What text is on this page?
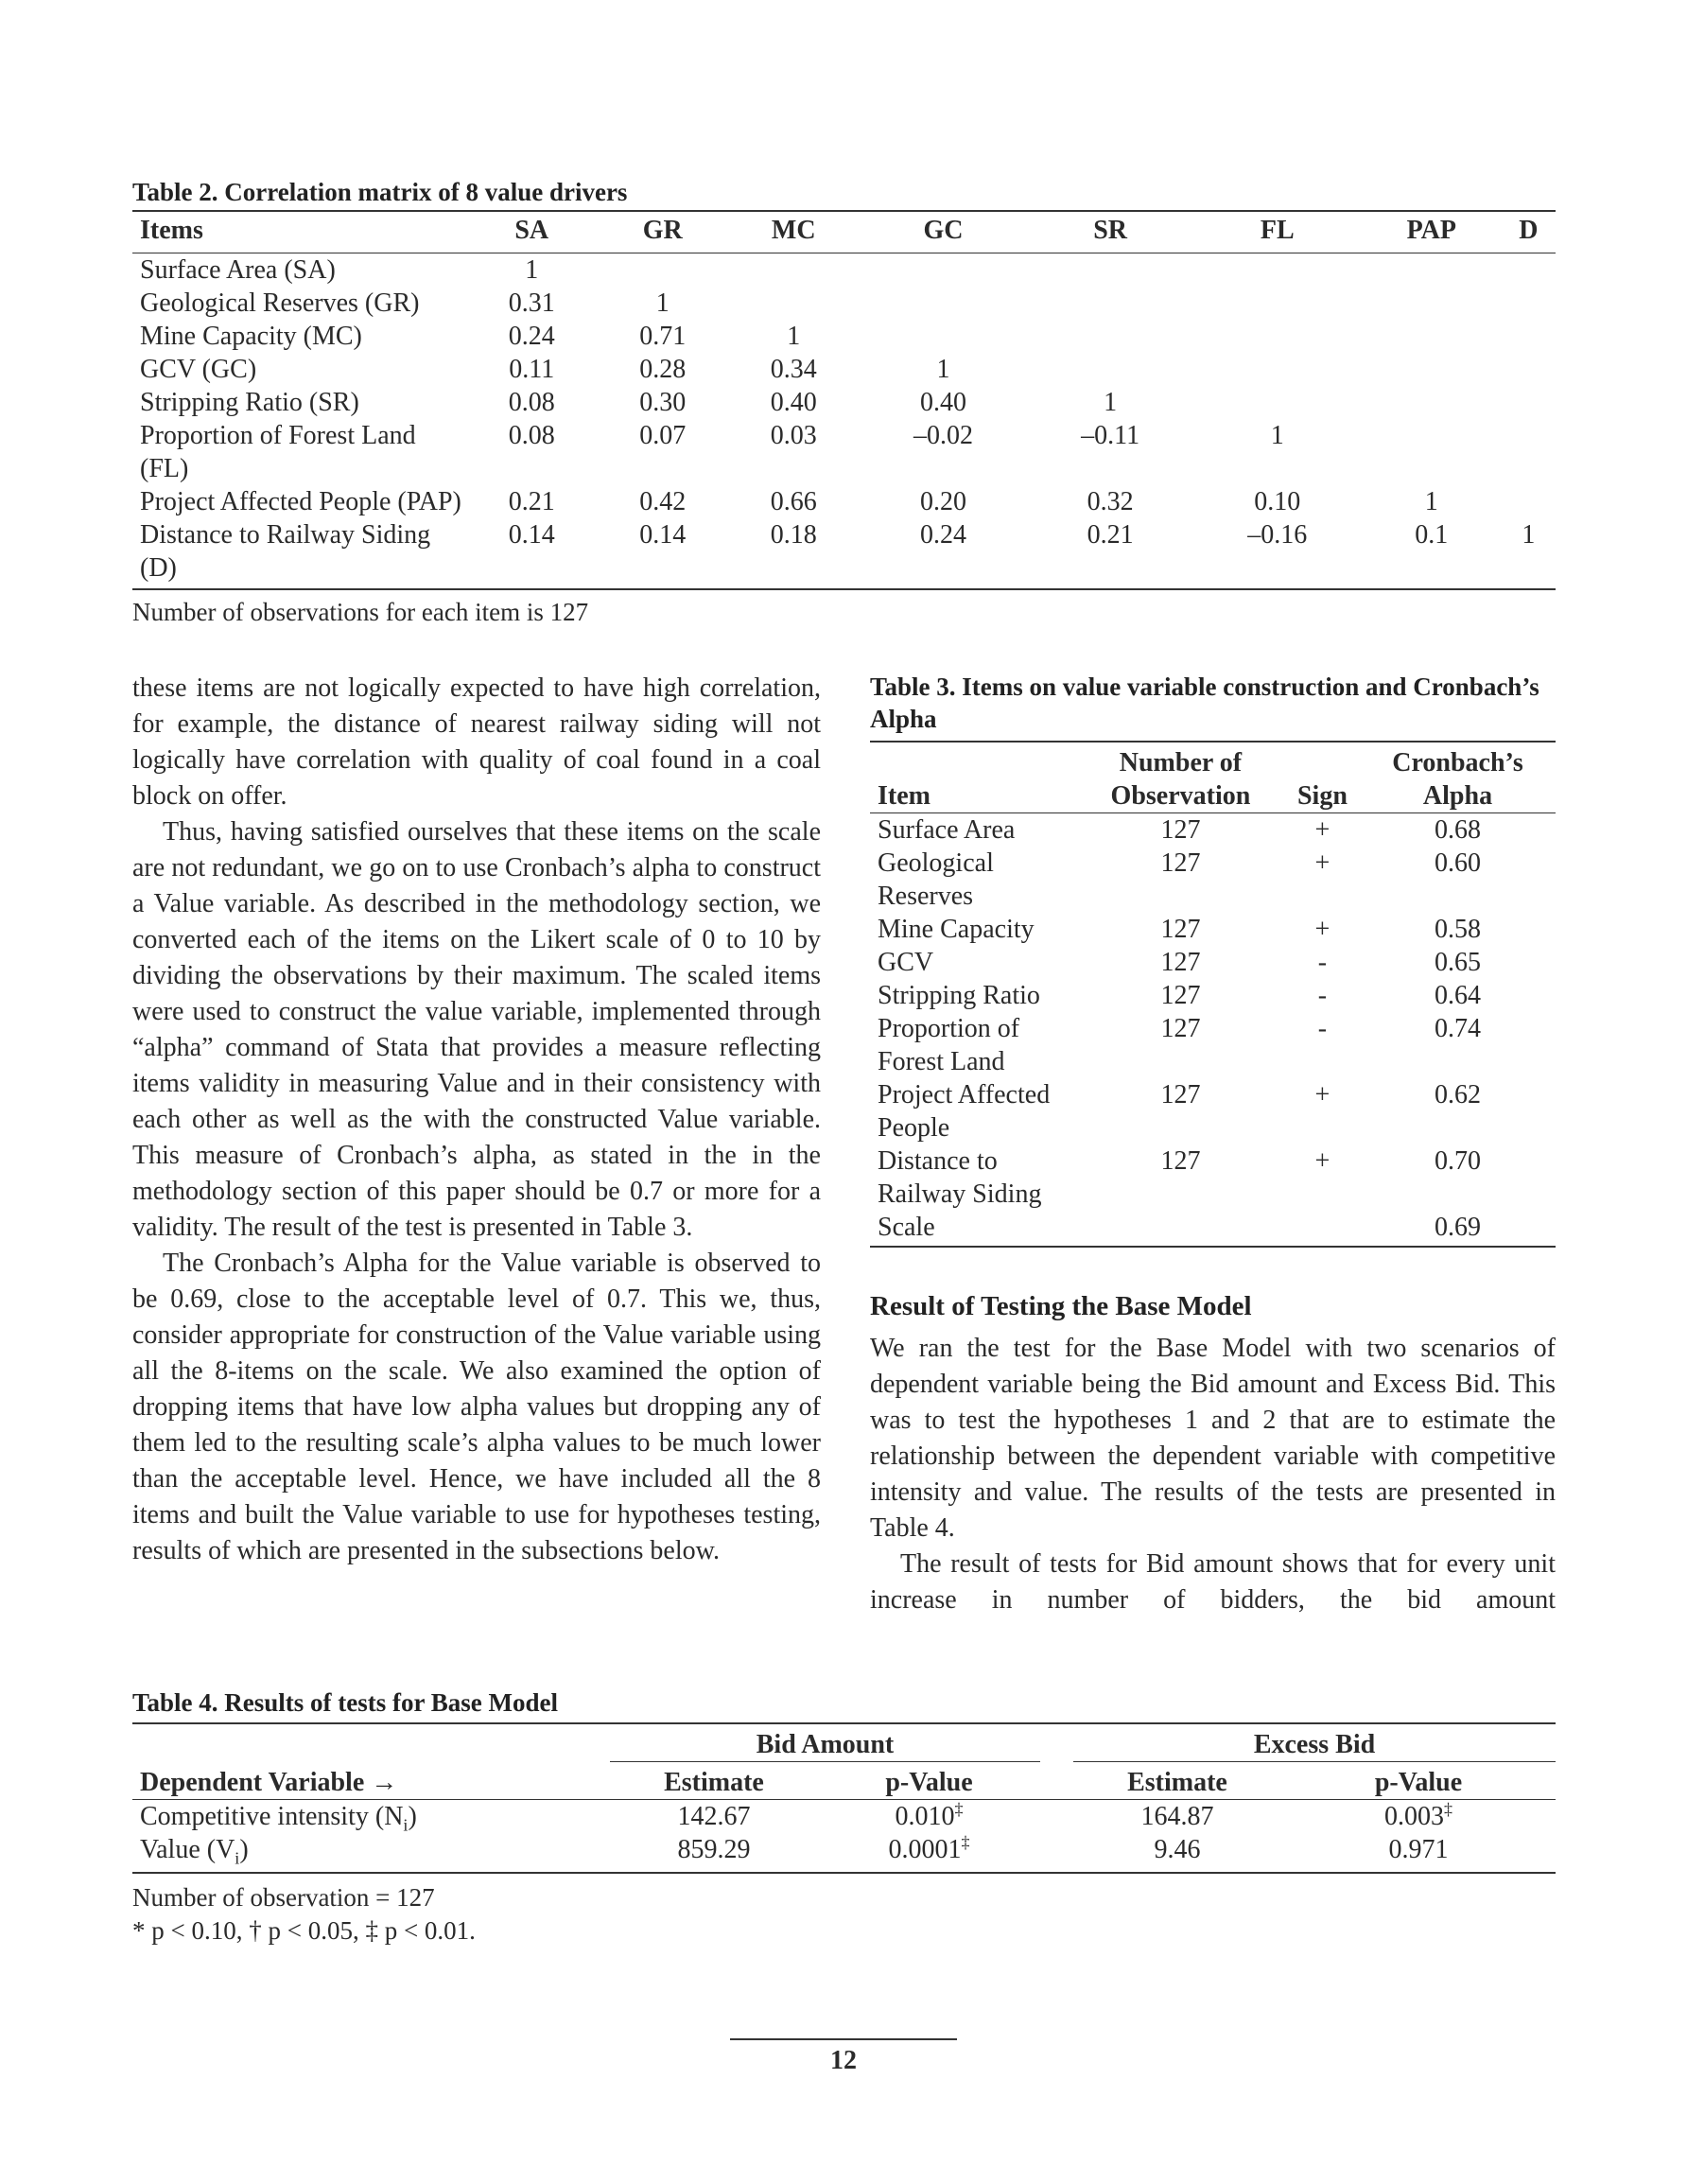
Table 2. Correlation matrix of 8 value drivers
Items	SA	GR	MC	GC	SR	FL	PAP	D
Surface Area (SA)	1							
Geological Reserves (GR)	0.31	1						
Mine Capacity (MC)	0.24	0.71	1					
GCV (GC)	0.11	0.28	0.34	1				
Stripping Ratio (SR)	0.08	0.30	0.40	0.40	1			
Proportion of Forest Land (FL)	0.08	0.07	0.03	–0.02	–0.11	1		
Project Affected People (PAP)	0.21	0.42	0.66	0.20	0.32	0.10	1	
Distance to Railway Siding (D)	0.14	0.14	0.18	0.24	0.21	–0.16	0.1	1
Number of observations for each item is 127

these items are not logically expected to have high correlation, for example, the distance of nearest railway siding will not logically have correlation with quality of coal found in a coal block on offer.

Thus, having satisfied ourselves that these items on the scale are not redundant, we go on to use Cronbach’s alpha to construct a Value variable. As described in the methodology section, we converted each of the items on the Likert scale of 0 to 10 by dividing the observations by their maximum. The scaled items were used to construct the value variable, implemented through “alpha” command of Stata that provides a measure reflecting items validity in measuring Value and in their consistency with each other as well as the with the constructed Value variable. This measure of Cronbach’s alpha, as stated in the in the methodology section of this paper should be 0.7 or more for a validity. The result of the test is presented in Table 3.

The Cronbach’s Alpha for the Value variable is observed to be 0.69, close to the acceptable level of 0.7. This we, thus, consider appropriate for construction of the Value variable using all the 8-items on the scale. We also examined the option of dropping items that have low alpha values but dropping any of them led to the resulting scale’s alpha values to be much lower than the acceptable level. Hence, we have included all the 8 items and built the Value variable to use for hypotheses testing, results of which are presented in the subsections below.

Table 3. Items on value variable construction and Cronbach’s Alpha
	Number of		Cronbach’s
Item	Observation	Sign	Alpha
Surface Area	127	+	0.68
Geological Reserves	127	+	0.60
Mine Capacity	127	+	0.58
GCV	127	-	0.65
Stripping Ratio	127	-	0.64
Proportion of Forest Land	127	-	0.74
Project Affected People	127	+	0.62
Distance to Railway Siding	127	+	0.70
Scale			0.69
Result of Testing the Base Model

We ran the test for the Base Model with two scenarios of dependent variable being the Bid amount and Excess Bid. This was to test the hypotheses 1 and 2 that are to estimate the relationship between the dependent variable with competitive intensity and value. The results of the tests are presented in Table 4.

The result of tests for Bid amount shows that for every unit increase in number of bidders, the bid amount

Table 4. Results of tests for Base Model
	Bid Amount			Excess Bid	
Dependent Variable →	Estimate	p-Value		Estimate	p-Value
Competitive intensity $(N_i)$	142.67	0.010‡		164.87	0.003‡
Value $(V_i)$	859.29	0.0001‡		9.46	0.971
Number of observation = 127
* p < 0.10, † p < 0.05, ‡ p < 0.01.
12
